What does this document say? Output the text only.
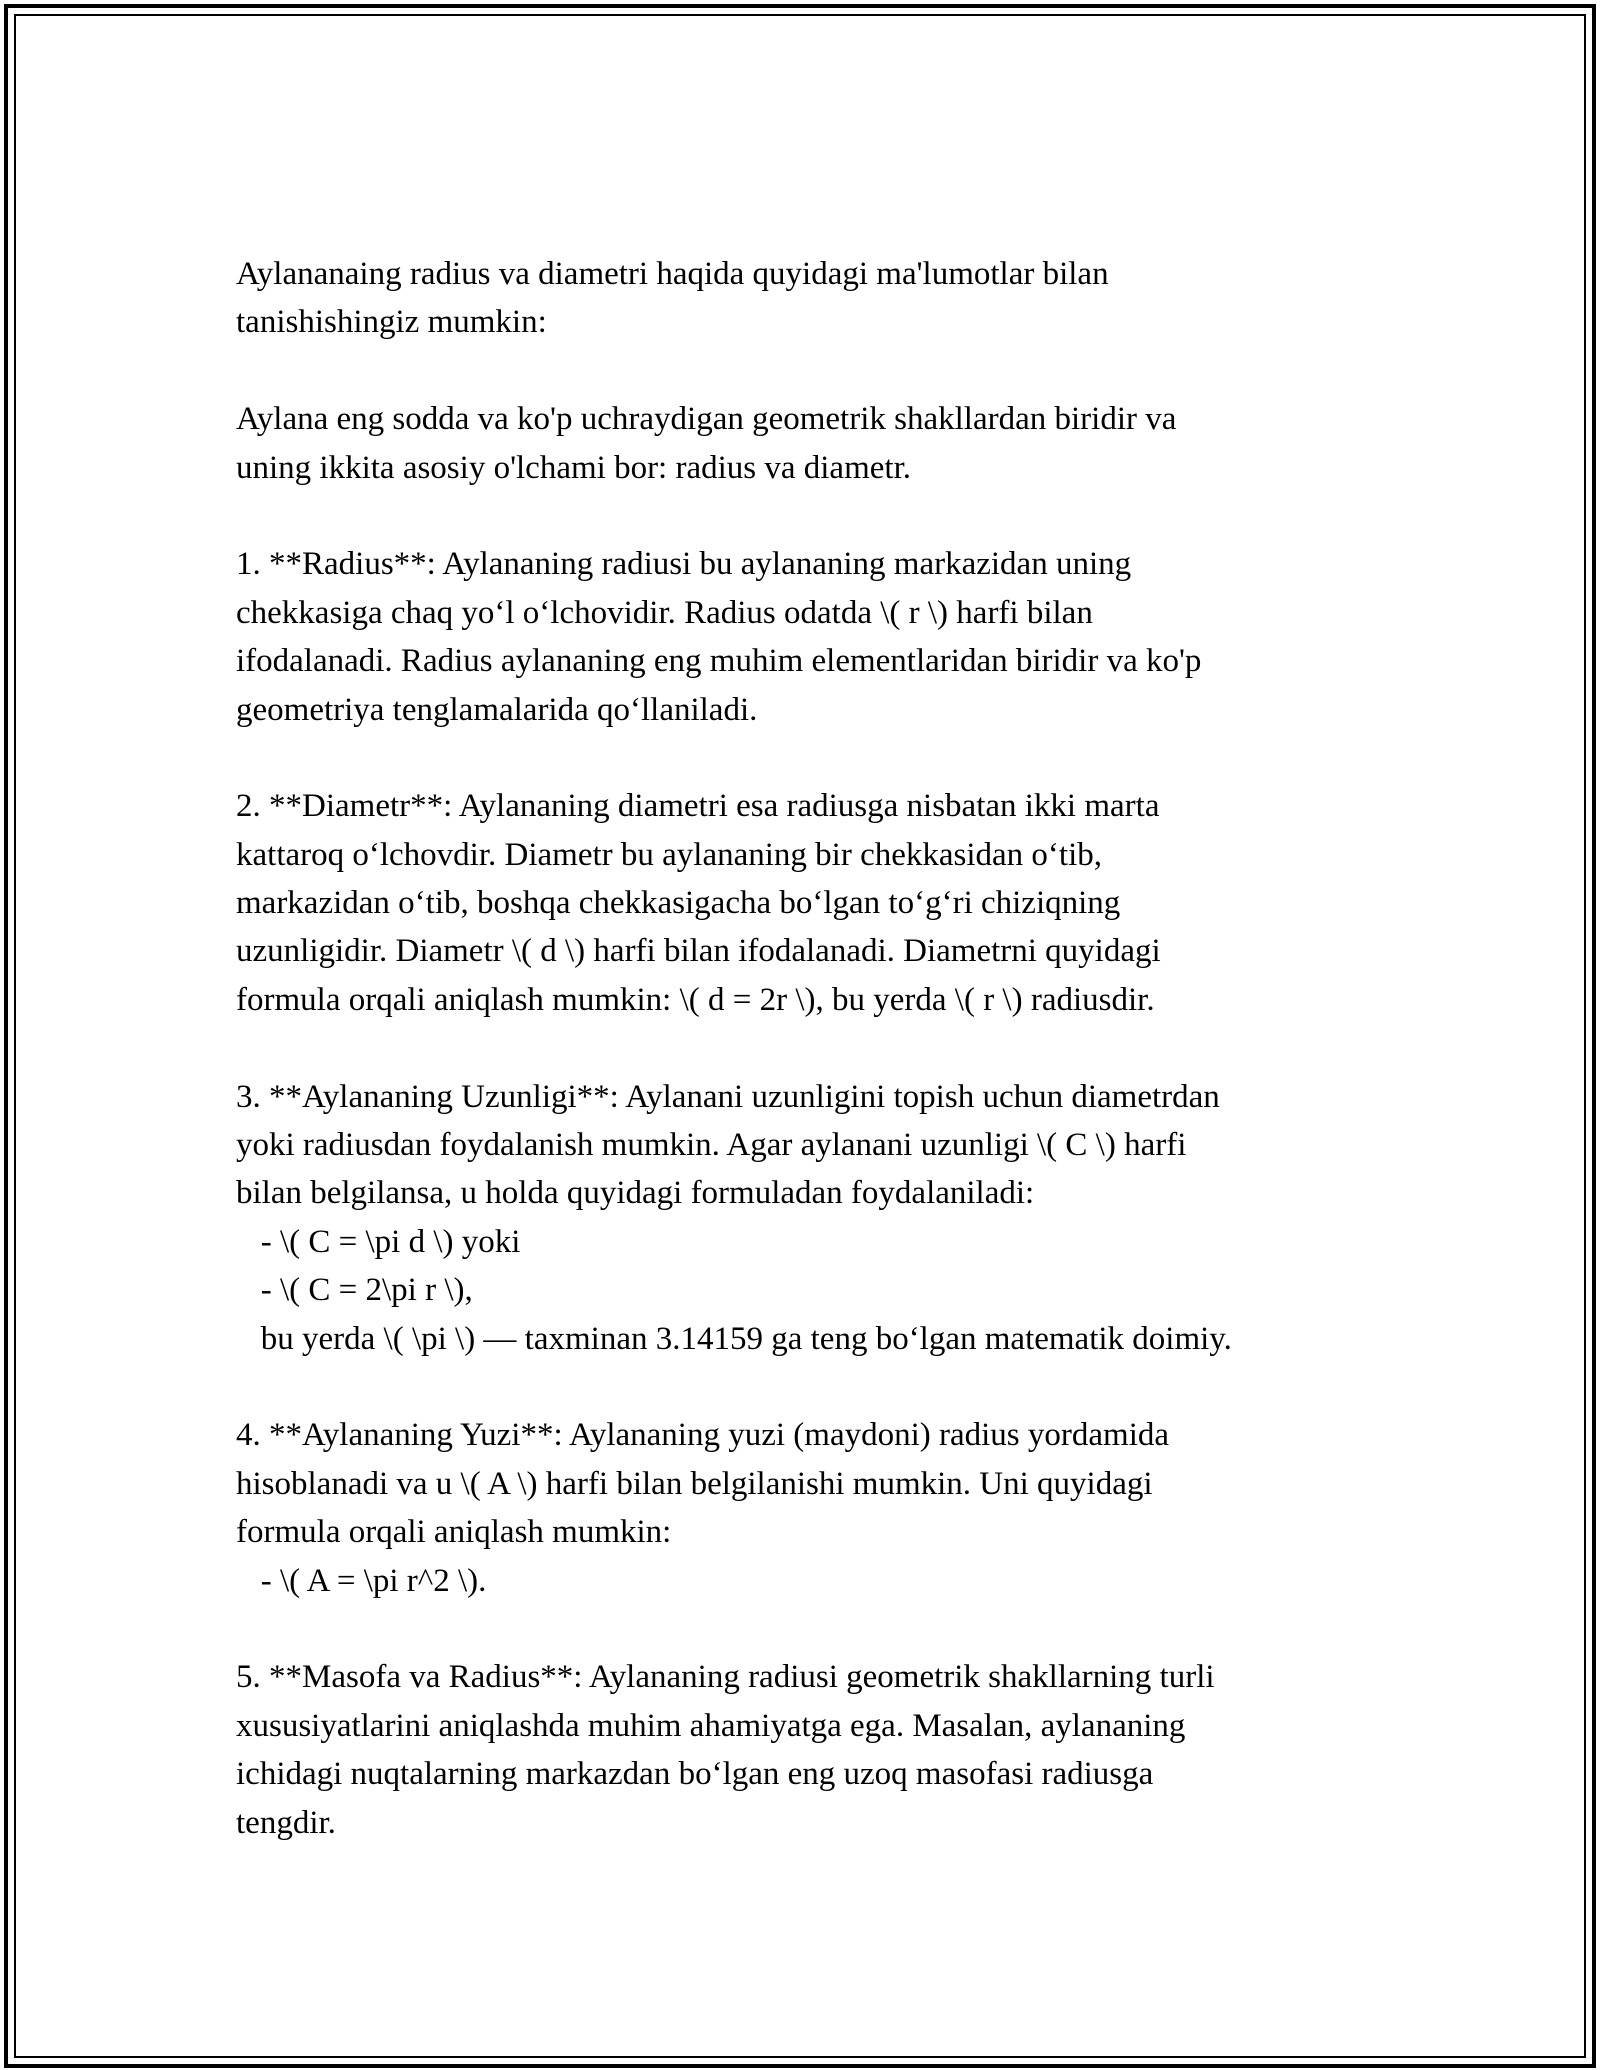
Aylananaing radius va diametri haqida quyidagi ma'lumotlar bilan
tanishishingiz mumkin:
Aylana eng sodda va ko'p uchraydigan geometrik shakllardan biridir va
uning ikkita asosiy o'lchami bor: radius va diametr.
1. **Radius**: Aylananing radiusi bu aylananing markazidan uning
chekkasiga chaq yo‘l o‘lchovidir. Radius odatda \( r \) harfi bilan
ifodalanadi. Radius aylananing eng muhim elementlaridan biridir va ko'p
geometriya tenglamalarida qo‘llaniladi.
2. **Diametr**: Aylananing diametri esa radiusga nisbatan ikki marta
kattaroq o‘lchovdir. Diametr bu aylananing bir chekkasidan o‘tib,
markazidan o‘tib, boshqa chekkasigacha bo‘lgan to‘g‘ri chiziqning
uzunligidir. Diametr \( d \) harfi bilan ifodalanadi. Diametrni quyidagi
formula orqali aniqlash mumkin: \( d = 2r \), bu yerda \( r \) radiusdir.
3. **Aylananing Uzunligi**: Aylanani uzunligini topish uchun diametrdan
yoki radiusdan foydalanish mumkin. Agar aylanani uzunligi \( C \) harfi
bilan belgilansa, u holda quyidagi formuladan foydalaniladi:
- \( C = \pi d \) yoki
- \( C = 2\pi r \),
bu yerda \( \pi \) — taxminan 3.14159 ga teng bo‘lgan matematik doimiy.
4. **Aylananing Yuzi**: Aylananing yuzi (maydoni) radius yordamida
hisoblanadi va u \( A \) harfi bilan belgilanishi mumkin. Uni quyidagi
formula orqali aniqlash mumkin:
- \( A = \pi r^2 \).
5. **Masofa va Radius**: Aylananing radiusi geometrik shakllarning turli
xususiyatlarini aniqlashda muhim ahamiyatga ega. Masalan, aylananing
ichidagi nuqtalarning markazdan bo‘lgan eng uzoq masofasi radiusga
tengdir.
